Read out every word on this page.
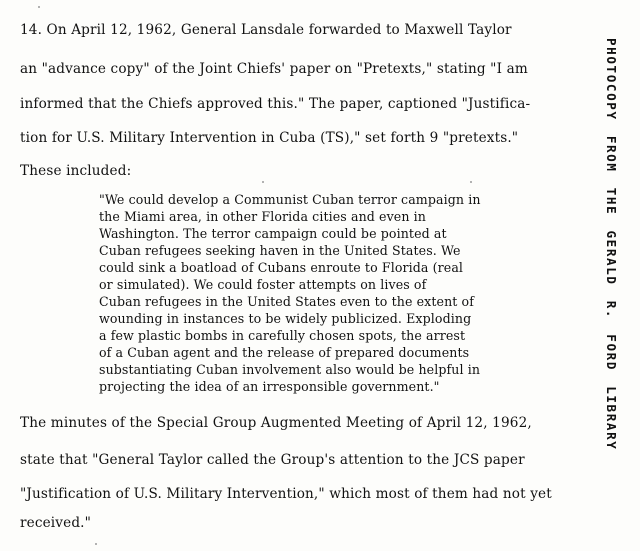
14. On April 12, 1962, General Lansdale forwarded to Maxwell Taylor
an "advance copy" of the Joint Chiefs' paper on "Pretexts," stating "I am
informed that the Chiefs approved this." The paper, captioned "Justifica-
tion for U.S. Military Intervention in Cuba (TS)," set forth 9 "pretexts."
These included:
"We could develop a Communist Cuban terror campaign in
the Miami area, in other Florida cities and even in
Washington. The terror campaign could be pointed at
Cuban refugees seeking haven in the United States. We
could sink a boatload of Cubans enroute to Florida (real
or simulated). We could foster attempts on lives of
Cuban refugees in the United States even to the extent of
wounding in instances to be widely publicized. Exploding
a few plastic bombs in carefully chosen spots, the arrest
of a Cuban agent and the release of prepared documents
substantiating Cuban involvement also would be helpful in
projecting the idea of an irresponsible government."
The minutes of the Special Group Augmented Meeting of April 12, 1962,
state that "General Taylor called the Group's attention to the JCS paper
"Justification of U.S. Military Intervention," which most of them had not yet
received."
PHOTOCOPY FROM THE GERALD R. FORD LIBRARY
